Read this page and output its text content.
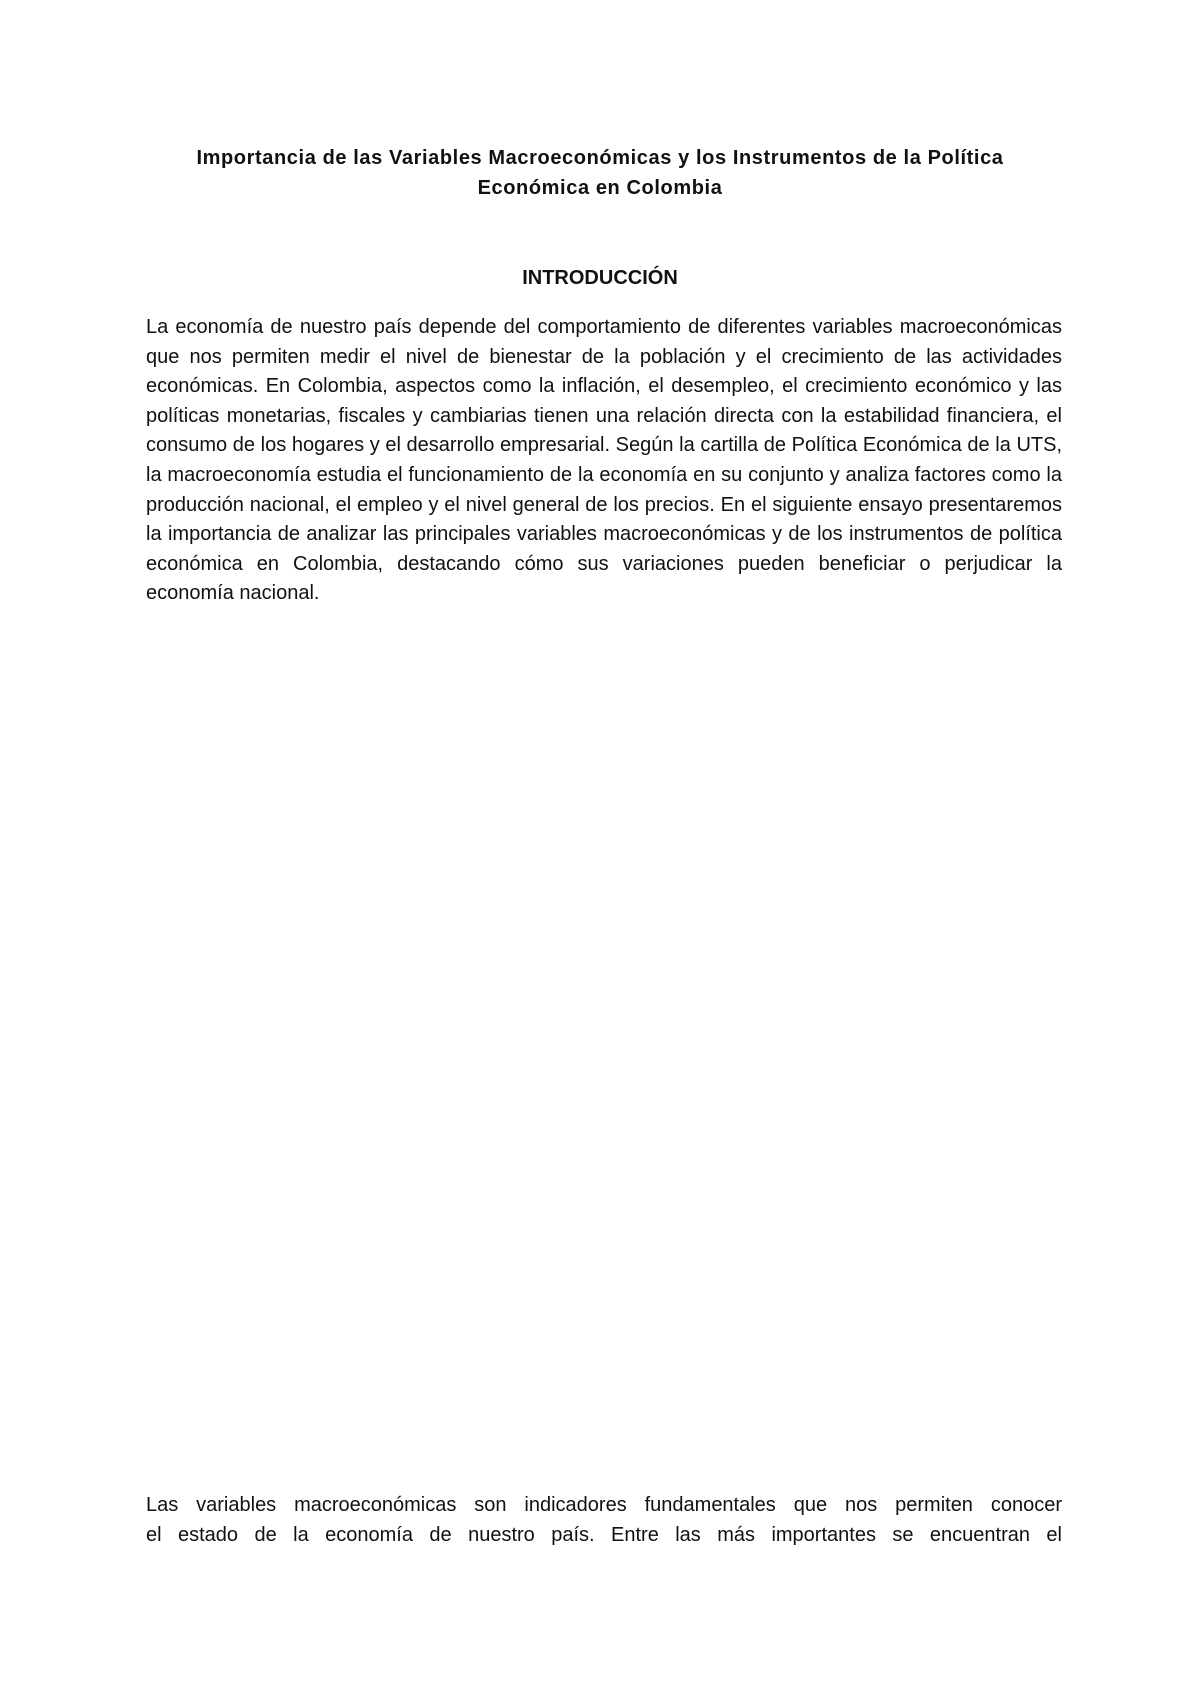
Importancia de las Variables Macroeconómicas y los Instrumentos de la Política
Económica en Colombia
INTRODUCCIÓN

La economía de nuestro país depende del comportamiento de diferentes variables macroeconómicas que nos permiten medir el nivel de bienestar de la población y el crecimiento de las actividades económicas. En Colombia, aspectos como la inflación, el desempleo, el crecimiento económico y las políticas monetarias, fiscales y cambiarias tienen una relación directa con la estabilidad financiera, el consumo de los hogares y el desarrollo empresarial. Según la cartilla de Política Económica de la UTS, la macroeconomía estudia el funcionamiento de la economía en su conjunto y analiza factores como la producción nacional, el empleo y el nivel general de los precios. En el siguiente ensayo presentaremos la importancia de analizar las principales variables macroeconómicas y de los instrumentos de política económica en Colombia, destacando cómo sus variaciones pueden beneficiar o perjudicar la economía nacional.

Las variables macroeconómicas son indicadores fundamentales que nos permiten conocer
el estado de la economía de nuestro país. Entre las más importantes se encuentran el
